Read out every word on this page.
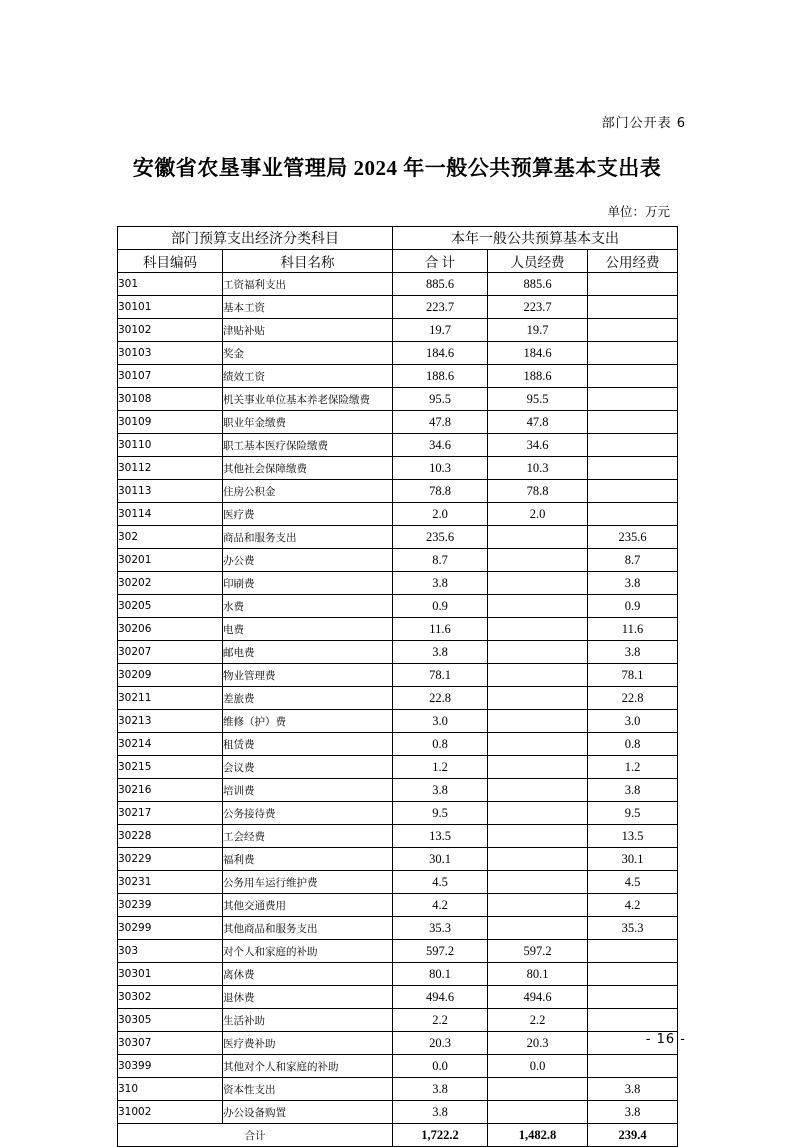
部门公开表 6
安徽省农垦事业管理局 2024 年一般公共预算基本支出表
单位：万元
部门预算支出经济分类科目		本年一般公共预算基本支出		
科目编码	科目名称	合 计	人员经费	公用经费
301	工资福利支出	885.6	885.6	
30101	基本工资	223.7	223.7	
30102	津贴补贴	19.7	19.7	
30103	奖金	184.6	184.6	
30107	绩效工资	188.6	188.6	
30108	机关事业单位基本养老保险缴费	95.5	95.5	
30109	职业年金缴费	47.8	47.8	
30110	职工基本医疗保险缴费	34.6	34.6	
30112	其他社会保障缴费	10.3	10.3	
30113	住房公积金	78.8	78.8	
30114	医疗费	2.0	2.0	
302	商品和服务支出	235.6		235.6
30201	办公费	8.7		8.7
30202	印刷费	3.8		3.8
30205	水费	0.9		0.9
30206	电费	11.6		11.6
30207	邮电费	3.8		3.8
30209	物业管理费	78.1		78.1
30211	差旅费	22.8		22.8
30213	维修（护）费	3.0		3.0
30214	租赁费	0.8		0.8
30215	会议费	1.2		1.2
30216	培训费	3.8		3.8
30217	公务接待费	9.5		9.5
30228	工会经费	13.5		13.5
30229	福利费	30.1		30.1
30231	公务用车运行维护费	4.5		4.5
30239	其他交通费用	4.2		4.2
30299	其他商品和服务支出	35.3		35.3
303	对个人和家庭的补助	597.2	597.2	
30301	离休费	80.1	80.1	
30302	退休费	494.6	494.6	
30305	生活补助	2.2	2.2	
30307	医疗费补助	20.3	20.3	
30399	其他对个人和家庭的补助	0.0	0.0	
310	资本性支出	3.8		3.8
31002	办公设备购置	3.8		3.8
合计		1,722.2	1,482.8	239.4
- 16 -
